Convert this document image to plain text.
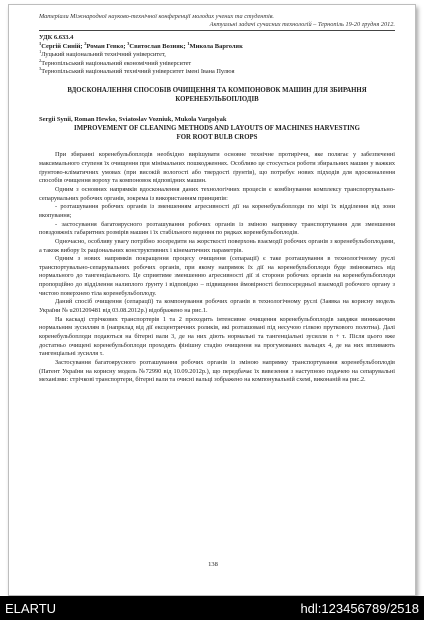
Матеріали Міжнародної науково-технічної конференції молодих учених та студентів.
Актуальні задачі сучасних технологій – Тернопіль 19-20 грудня 2012.
УДК 6.633.4
$^1$Сергій Синій; $^2$Роман Гевко; $^3$Святослав Возняк; $^1$Микола Варголяк
$^1$Луцький національний технічний університет,
$^2$Тернопільський національний економічний університет
$^3$Тернопільський національний технічний університет імені Івана Пулюя
ВДОСКОНАЛЕННЯ СПОСОБІВ ОЧИЩЕННЯ ТА КОМПОНОВОК МАШИН ДЛЯ ЗБИРАННЯ КОРЕНЕБУЛЬБОПЛОДІВ
Sergii Synii, Roman Hewko, Sviatoslav Vozniuk, Mukola Vargolyak
IMPROVEMENT OF CLEANING METHODS AND LAYOUTS OF MACHINES HARVESTING FOR ROOT BULB CROPS

При збиранні коренебульбоплодів необхідно вирішувати основне технічне протиріччя, яке полягає у забезпеченні максимального ступеня їх очищення при мінімальних пошкодженнях. Особливо це стосується роботи збиральних машин у важких ґрунтово-кліматичних умовах (при високій вологості або твердості ґрунтів), що потребує нових підходів для вдосконалення способів очищення вороху та компоновок відповідних машин.

Одним з основних напрямків вдосконалення даних технологічних процесів є комбінування комплексу транспортувально-сепарувальних робочих органів, зокрема із використанням принципів:

- розташування робочих органів із зменшенням агресивності дії на коренебульбоплоди по мірі їх відділення від зони вкопування;

- застосування багатоярусного розташування робочих органів із зміною напрямку транспортування для зменшення повздовжніх габаритних розмірів машин і їх стабільного ведення по рядках коренебульбоплодів.

Одночасно, особливу увагу потрібно зосередити на жорсткості поверхонь взаємодії робочих органів з коренебульбоплодами, а також вибору їх раціональних конструктивних і кінематичних параметрів.

Одним з нових напрямків покращення процесу очищення (сепарації) є таке розташування в технологічному руслі транспортувально-сепарувальних робочих органів, при якому напрямок їх дії на коренебульбоплоди буде змінюватись від нормального до тангенціального. Це сприятиме зменшенню агресивності дії зі сторони робочих органів на коренебульбоплоди пропорційно до відділення налиплого ґрунту і відповідно – підвищення ймовірності безпосередньої взаємодії робочого органу з чистою поверхнею тіла коренебульбоплоду.

Даний спосіб очищення (сепарації) та компонування робочих органів в технологічному руслі (Заявка на корисну модель України № u201209481 від 03.08.2012р.) відображено на рис.1.

На каскаді стрічкових транспортерів 1 та 2 проходить інтенсивне очищення коренебульбоплодів завдяки виникаючим нормальним зусиллям n (напрклад від дії ексцентричних роликів, які розташовані під несучою гілкою пруткового полотна). Далі коренебульбоплоди подаються на бітерні вали 3, де на них діють нормальні та тангенціальні зусилля n + τ. Після цього вже достатньо очищені коренебульбоплоди проходять фінішну стадію очищення на прогумованих вальцях 4, де на них впливають тангенціальні зусилля τ.

Застосування багатоярусного розташування робочих органів із зміною напрямку транспортування коренебульбоплодів (Патент України на корисну модель №72990 від 10.09.2012р.), що передбачає їх вивезення з наступною подачею на сепарувальні механізми: стрічкові транспортери, бітерні вали та очисні вальці зображено на компонувальній схемі, виконаній на рис.2.

138
ELARTU	hdl:123456789/2518
